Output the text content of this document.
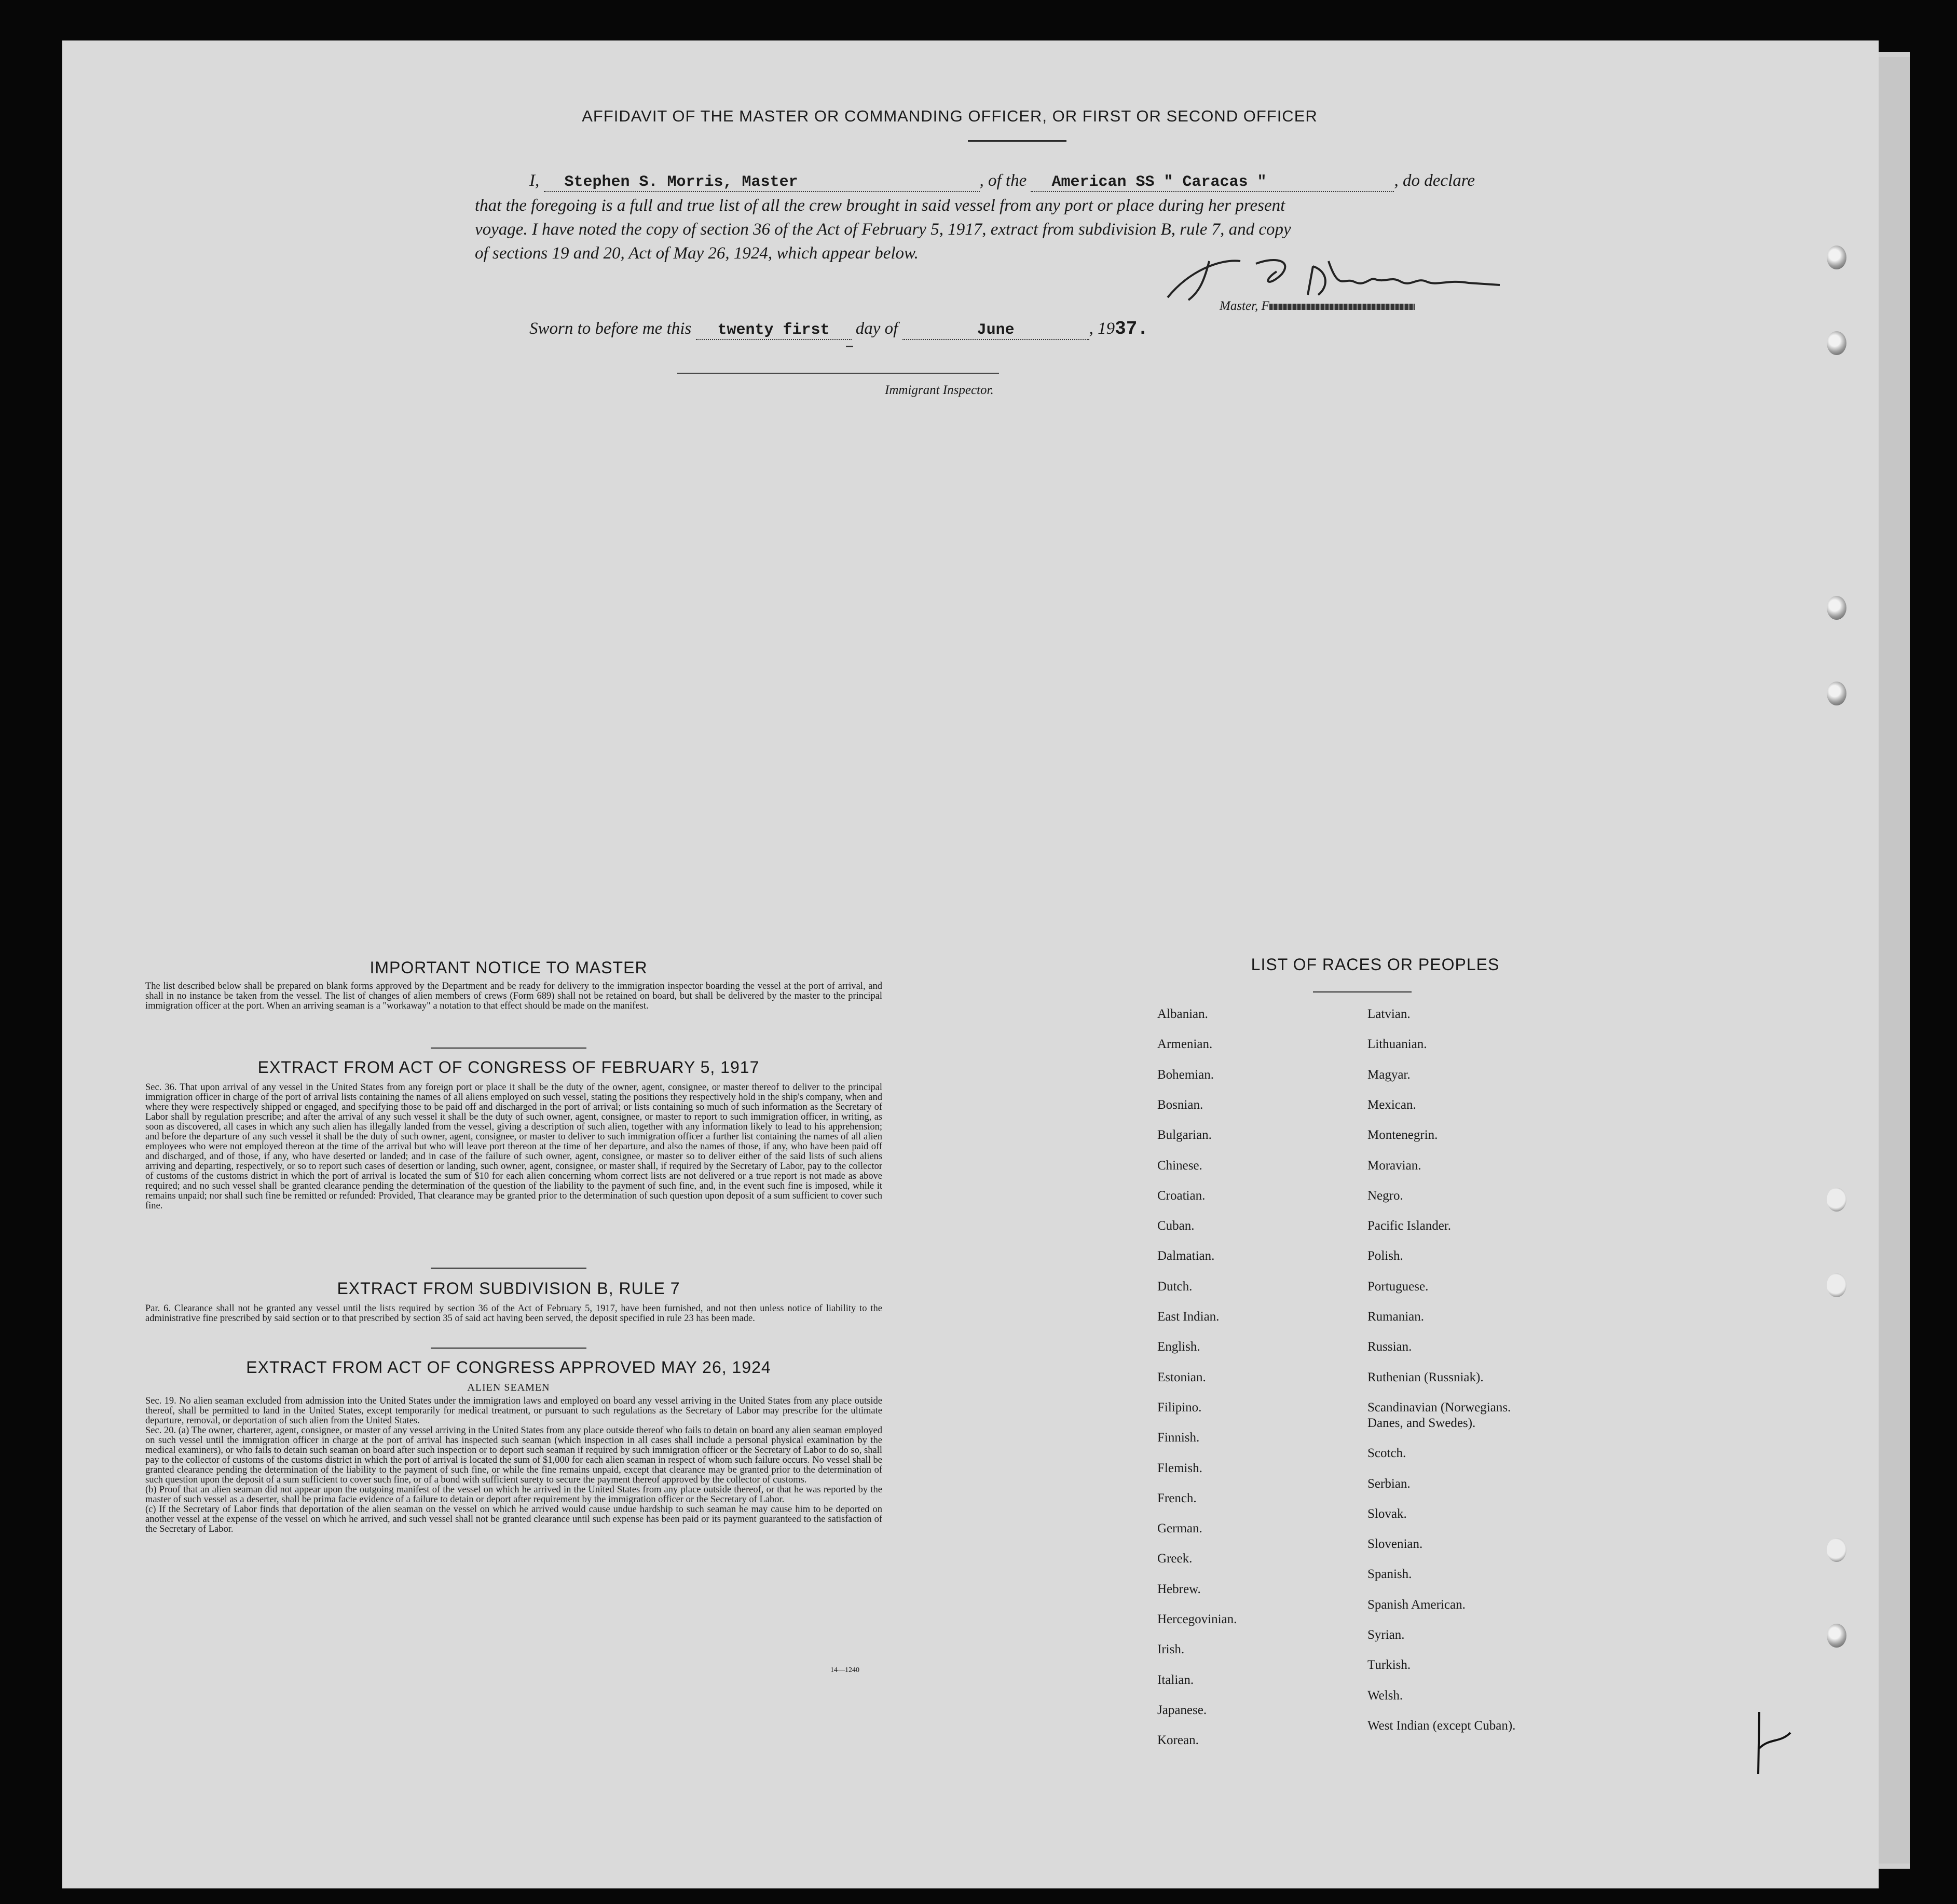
AFFIDAVIT OF THE MASTER OR COMMANDING OFFICER, OR FIRST OR SECOND OFFICER
I, Stephen S. Morris, Master	, of the American SS " Caracas "	, do declare
that the foregoing is a full and true list of all the crew brought in said vessel from any port or place during her present
voyage. I have noted the copy of section 36 of the Act of February 5, 1917, extract from subdivision B, rule 7, and copy
of sections 19 and 20, Act of May 26, 1924, which appear below.
Master, F
Sworn to before me this twenty first day of	June	, 1937.
Immigrant Inspector.
IMPORTANT NOTICE TO MASTER
The list described below shall be prepared on blank forms approved by the Department and be ready for delivery to the immigration inspector boarding the vessel at the port of arrival, and shall in no instance be taken from the vessel. The list of changes of alien members of crews (Form 689) shall not be retained on board, but shall be delivered by the master to the principal immigration officer at the port. When an arriving seaman is a "workaway" a notation to that effect should be made on the manifest.
EXTRACT FROM ACT OF CONGRESS OF FEBRUARY 5, 1917
Sec. 36. That upon arrival of any vessel in the United States from any foreign port or place it shall be the duty of the owner, agent, consignee, or master thereof to deliver to the principal immigration officer in charge of the port of arrival lists containing the names of all aliens employed on such vessel, stating the positions they respectively hold in the ship's company, when and where they were respectively shipped or engaged, and specifying those to be paid off and discharged in the port of arrival; or lists containing so much of such information as the Secretary of Labor shall by regulation prescribe; and after the arrival of any such vessel it shall be the duty of such owner, agent, consignee, or master to report to such immigration officer, in writing, as soon as discovered, all cases in which any such alien has illegally landed from the vessel, giving a description of such alien, together with any information likely to lead to his apprehension; and before the departure of any such vessel it shall be the duty of such owner, agent, consignee, or master to deliver to such immigration officer a further list containing the names of all alien employees who were not employed thereon at the time of the arrival but who will leave port thereon at the time of her departure, and also the names of those, if any, who have been paid off and discharged, and of those, if any, who have deserted or landed; and in case of the failure of such owner, agent, consignee, or master so to deliver either of the said lists of such aliens arriving and departing, respectively, or so to report such cases of desertion or landing, such owner, agent, consignee, or master shall, if required by the Secretary of Labor, pay to the collector of customs of the customs district in which the port of arrival is located the sum of $10 for each alien concerning whom correct lists are not delivered or a true report is not made as above required; and no such vessel shall be granted clearance pending the determination of the question of the liability to the payment of such fine, and, in the event such fine is imposed, while it remains unpaid; nor shall such fine be remitted or refunded: Provided, That clearance may be granted prior to the determination of such question upon deposit of a sum sufficient to cover such fine.
EXTRACT FROM SUBDIVISION B, RULE 7
Par. 6. Clearance shall not be granted any vessel until the lists required by section 36 of the Act of February 5, 1917, have been furnished, and not then unless notice of liability to the administrative fine prescribed by said section or to that prescribed by section 35 of said act having been served, the deposit specified in rule 23 has been made.
EXTRACT FROM ACT OF CONGRESS APPROVED MAY 26, 1924
ALIEN SEAMEN
Sec. 19. No alien seaman excluded from admission into the United States under the immigration laws and employed on board any vessel arriving in the United States from any place outside thereof, shall be permitted to land in the United States, except temporarily for medical treatment, or pursuant to such regulations as the Secretary of Labor may prescribe for the ultimate departure, removal, or deportation of such alien from the United States.
Sec. 20. (a) The owner, charterer, agent, consignee, or master of any vessel arriving in the United States from any place outside thereof who fails to detain on board any alien seaman employed on such vessel until the immigration officer in charge at the port of arrival has inspected such seaman (which inspection in all cases shall include a personal physical examination by the medical examiners), or who fails to detain such seaman on board after such inspection or to deport such seaman if required by such immigration officer or the Secretary of Labor to do so, shall pay to the collector of customs of the customs district in which the port of arrival is located the sum of $1,000 for each alien seaman in respect of whom such failure occurs. No vessel shall be granted clearance pending the determination of the liability to the payment of such fine, or while the fine remains unpaid, except that clearance may be granted prior to the determination of such question upon the deposit of a sum sufficient to cover such fine, or of a bond with sufficient surety to secure the payment thereof approved by the collector of customs.
(b) Proof that an alien seaman did not appear upon the outgoing manifest of the vessel on which he arrived in the United States from any place outside thereof, or that he was reported by the master of such vessel as a deserter, shall be prima facie evidence of a failure to detain or deport after requirement by the immigration officer or the Secretary of Labor.
(c) If the Secretary of Labor finds that deportation of the alien seaman on the vessel on which he arrived would cause undue hardship to such seaman he may cause him to be deported on another vessel at the expense of the vessel on which he arrived, and such vessel shall not be granted clearance until such expense has been paid or its payment guaranteed to the satisfaction of the Secretary of Labor.
14—1240
LIST OF RACES OR PEOPLES
Albanian.
Armenian.
Bohemian.
Bosnian.
Bulgarian.
Chinese.
Croatian.
Cuban.
Dalmatian.
Dutch.
East Indian.
English.
Estonian.
Filipino.
Finnish.
Flemish.
French.
German.
Greek.
Hebrew.
Hercegovinian.
Irish.
Italian.
Japanese.
Korean.
Latvian.
Lithuanian.
Magyar.
Mexican.
Montenegrin.
Moravian.
Negro.
Pacific Islander.
Polish.
Portuguese.
Rumanian.
Russian.
Ruthenian (Russniak).
Scandinavian (Norwegians.
Danes, and Swedes).
Scotch.
Serbian.
Slovak.
Slovenian.
Spanish.
Spanish American.
Syrian.
Turkish.
Welsh.
West Indian (except Cuban).
